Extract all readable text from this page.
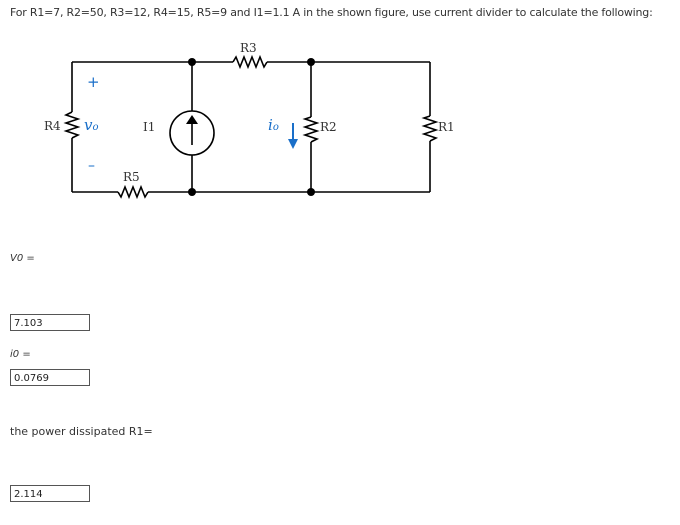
For R1=7, R2=50, R3=12, R4=15, R5=9 and I1=1.1 A in the shown figure, use current divider to calculate the following:
R3
R5
R4	R2	R1
I1
+
–
vo	io
V0 =
7.103
i0 =
0.0769
the power dissipated R1=
2.114
